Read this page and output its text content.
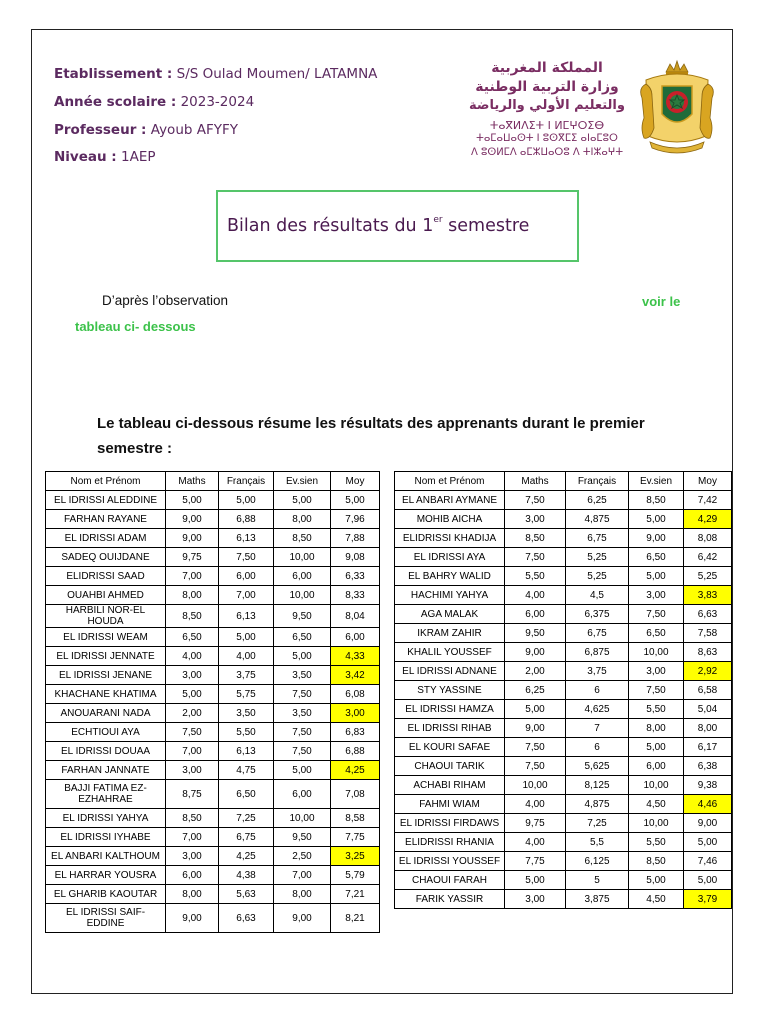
Etablissement : S/S Oulad Moumen/ LATAMNA
Année scolaire : 2023-2024
Professeur : Ayoub AFYFY
Niveau : 1AEP
المملكة المغربية
وزارة التربية الوطنية
والتعليم الأولي والرياضة
ⵜⴰⴳⵍⴷⵉⵜ ⵏ ⵍⵎⵖⵔⵉⴱ
ⵜⴰⵎⴰⵡⴰⵙⵜ ⵏ ⵓⵙⴳⵎⵉ ⴰⵏⴰⵎⵓⵔ
ⴷ ⵓⵙⵍⵎⴷ ⴰⵎⵣⵡⴰⵔⵓ ⴷ ⵜⵏⵣⴰⵖⵜ
Bilan des résultats du 1er semestre
D’après l’observation	voir le
tableau ci- dessous
Le tableau ci-dessous résume les résultats des apprenants durant le premier semestre :
Nom et Prénom	Maths	Français	Ev.sien	Moy
EL IDRISSI ALEDDINE	5,00	5,00	5,00	5,00
FARHAN RAYANE	9,00	6,88	8,00	7,96
EL IDRISSI ADAM	9,00	6,13	8,50	7,88
SADEQ OUIJDANE	9,75	7,50	10,00	9,08
ELIDRISSI SAAD	7,00	6,00	6,00	6,33
OUAHBI AHMED	8,00	7,00	10,00	8,33
HARBILI NOR-EL HOUDA	8,50	6,13	9,50	8,04
EL IDRISSI WEAM	6,50	5,00	6,50	6,00
EL IDRISSI JENNATE	4,00	4,00	5,00	4,33
EL IDRISSI JENANE	3,00	3,75	3,50	3,42
KHACHANE KHATIMA	5,00	5,75	7,50	6,08
ANOUARANI NADA	2,00	3,50	3,50	3,00
ECHTIOUI AYA	7,50	5,50	7,50	6,83
EL IDRISSI DOUAA	7,00	6,13	7,50	6,88
FARHAN JANNATE	3,00	4,75	5,00	4,25
BAJJI FATIMA EZ-EZHAHRAE	8,75	6,50	6,00	7,08
EL IDRISSI YAHYA	8,50	7,25	10,00	8,58
EL IDRISSI IYHABE	7,00	6,75	9,50	7,75
EL ANBARI KALTHOUM	3,00	4,25	2,50	3,25
EL HARRAR YOUSRA	6,00	4,38	7,00	5,79
EL GHARIB KAOUTAR	8,00	5,63	8,00	7,21
EL IDRISSI SAIF-EDDINE	9,00	6,63	9,00	8,21
Nom et Prénom	Maths	Français	Ev.sien	Moy
EL ANBARI AYMANE	7,50	6,25	8,50	7,42
MOHIB AICHA	3,00	4,875	5,00	4,29
ELIDRISSI KHADIJA	8,50	6,75	9,00	8,08
EL IDRISSI AYA	7,50	5,25	6,50	6,42
EL BAHRY WALID	5,50	5,25	5,00	5,25
HACHIMI YAHYA	4,00	4,5	3,00	3,83
AGA MALAK	6,00	6,375	7,50	6,63
IKRAM ZAHIR	9,50	6,75	6,50	7,58
KHALIL YOUSSEF	9,00	6,875	10,00	8,63
EL IDRISSI ADNANE	2,00	3,75	3,00	2,92
STY YASSINE	6,25	6	7,50	6,58
EL IDRISSI HAMZA	5,00	4,625	5,50	5,04
EL IDRISSI RIHAB	9,00	7	8,00	8,00
EL KOURI SAFAE	7,50	6	5,00	6,17
CHAOUI TARIK	7,50	5,625	6,00	6,38
ACHABI RIHAM	10,00	8,125	10,00	9,38
FAHMI WIAM	4,00	4,875	4,50	4,46
EL IDRISSI FIRDAWS	9,75	7,25	10,00	9,00
ELIDRISSI RHANIA	4,00	5,5	5,50	5,00
EL IDRISSI YOUSSEF	7,75	6,125	8,50	7,46
CHAOUI FARAH	5,00	5	5,00	5,00
FARIK YASSIR	3,00	3,875	4,50	3,79
